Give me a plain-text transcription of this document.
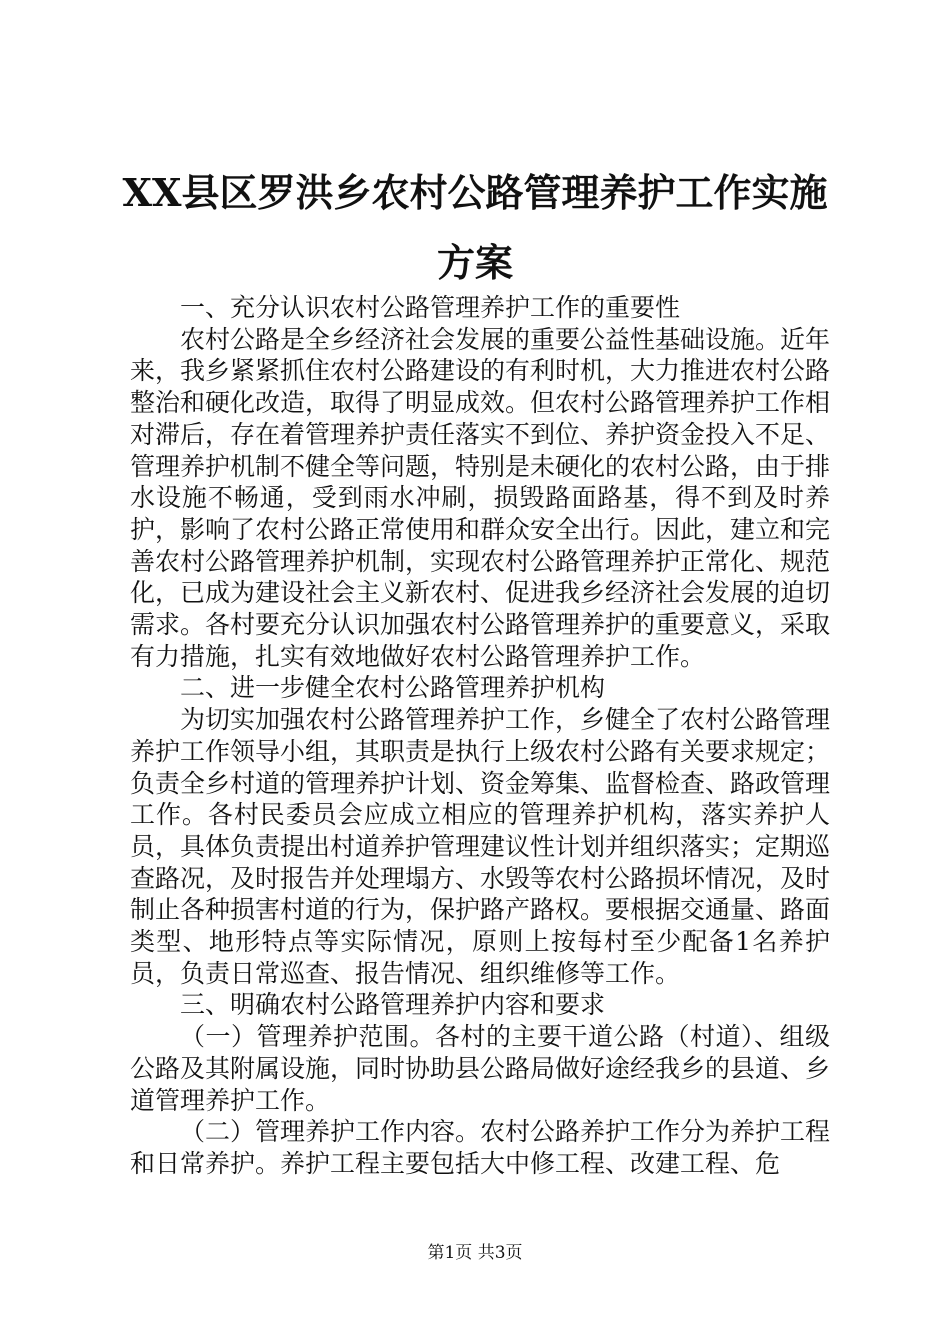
XX县区罗洪乡农村公路管理养护工作实施方案

一、充分认识农村公路管理养护工作的重要性

农村公路是全乡经济社会发展的重要公益性基础设施。近年来，我乡紧紧抓住农村公路建设的有利时机，大力推进农村公路整治和硬化改造，取得了明显成效。但农村公路管理养护工作相对滞后，存在着管理养护责任落实不到位、养护资金投入不足、管理养护机制不健全等问题，特别是未硬化的农村公路，由于排水设施不畅通，受到雨水冲刷，损毁路面路基，得不到及时养护，影响了农村公路正常使用和群众安全出行。因此，建立和完善农村公路管理养护机制，实现农村公路管理养护正常化、规范化，已成为建设社会主义新农村、促进我乡经济社会发展的迫切需求。各村要充分认识加强农村公路管理养护的重要意义，采取有力措施，扎实有效地做好农村公路管理养护工作。

二、进一步健全农村公路管理养护机构

为切实加强农村公路管理养护工作，乡健全了农村公路管理养护工作领导小组，其职责是执行上级农村公路有关要求规定；负责全乡村道的管理养护计划、资金筹集、监督检查、路政管理工作。各村民委员会应成立相应的管理养护机构，落实养护人员，具体负责提出村道养护管理建议性计划并组织落实；定期巡查路况，及时报告并处理塌方、水毁等农村公路损坏情况，及时制止各种损害村道的行为，保护路产路权。要根据交通量、路面类型、地形特点等实际情况，原则上按每村至少配备1名养护员，负责日常巡查、报告情况、组织维修等工作。

三、明确农村公路管理养护内容和要求

（一）管理养护范围。各村的主要干道公路（村道）、组级公路及其附属设施，同时协助县公路局做好途经我乡的县道、乡道管理养护工作。

（二）管理养护工作内容。农村公路养护工作分为养护工程和日常养护。养护工程主要包括大中修工程、改建工程、危

第1页 共3页
